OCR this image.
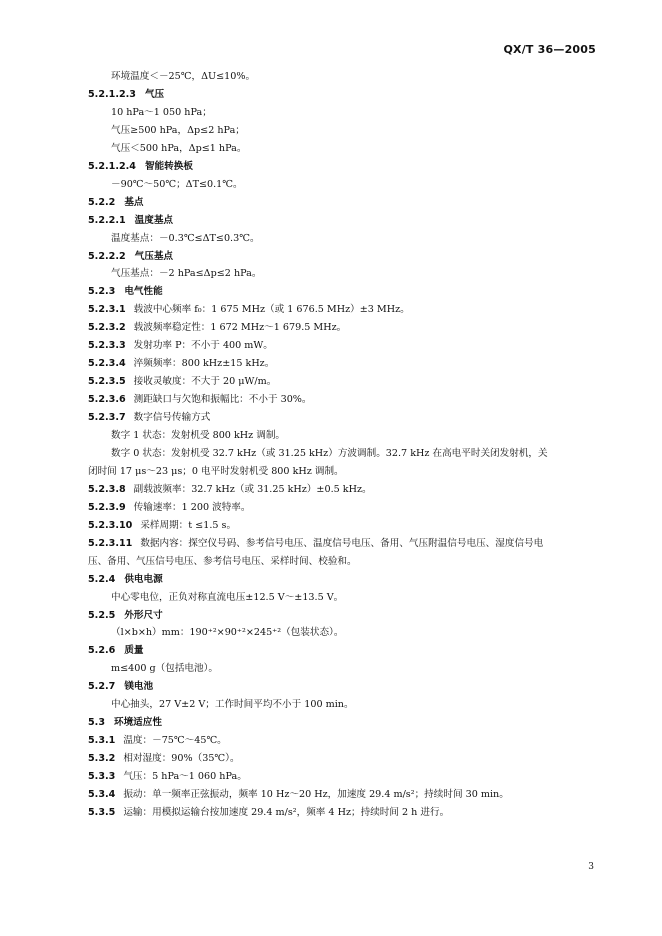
QX/T 36—2005
环境温度＜－25℃，ΔU≤10%。
5.2.1.2.3 气压
10 hPa～1 050 hPa；
气压≥500 hPa，Δp≤2 hPa；
气压＜500 hPa，Δp≤1 hPa。
5.2.1.2.4 智能转换板
－90℃～50℃；ΔT≤0.1℃。
5.2.2 基点
5.2.2.1 温度基点
温度基点：－0.3℃≤ΔT≤0.3℃。
5.2.2.2 气压基点
气压基点：－2 hPa≤Δp≤2 hPa。
5.2.3 电气性能
5.2.3.1 载波中心频率 f₀：1 675 MHz（或 1 676.5 MHz）±3 MHz。
5.2.3.2 载波频率稳定性：1 672 MHz～1 679.5 MHz。
5.2.3.3 发射功率 P：不小于 400 mW。
5.2.3.4 淬频频率：800 kHz±15 kHz。
5.2.3.5 接收灵敏度：不大于 20 μW/m。
5.2.3.6 测距缺口与欠饱和振幅比：不小于 30%。
5.2.3.7 数字信号传输方式
数字 1 状态：发射机受 800 kHz 调制。
数字 0 状态：发射机受 32.7 kHz（或 31.25 kHz）方波调制。32.7 kHz 在高电平时关闭发射机，关
闭时间 17 μs～23 μs；0 电平时发射机受 800 kHz 调制。
5.2.3.8 副载波频率：32.7 kHz（或 31.25 kHz）±0.5 kHz。
5.2.3.9 传输速率：1 200 波特率。
5.2.3.10 采样周期：t ≤1.5 s。
5.2.3.11 数据内容：探空仪号码、参考信号电压、温度信号电压、备用、气压附温信号电压、湿度信号电
压、备用、气压信号电压、参考信号电压、采样时间、校验和。
5.2.4 供电电源
中心零电位，正负对称直流电压±12.5 V～±13.5 V。
5.2.5 外形尺寸
（l×b×h）mm：190⁺²×90⁺²×245⁺²（包装状态）。
5.2.6 质量
m≤400 g（包括电池）。
5.2.7 镁电池
中心抽头，27 V±2 V；工作时间平均不小于 100 min。
5.3 环境适应性
5.3.1 温度：－75℃～45℃。
5.3.2 相对湿度：90%（35℃）。
5.3.3 气压：5 hPa～1 060 hPa。
5.3.4 振动：单一频率正弦振动，频率 10 Hz～20 Hz，加速度 29.4 m/s²；持续时间 30 min。
5.3.5 运输：用模拟运输台按加速度 29.4 m/s²，频率 4 Hz；持续时间 2 h 进行。
3
